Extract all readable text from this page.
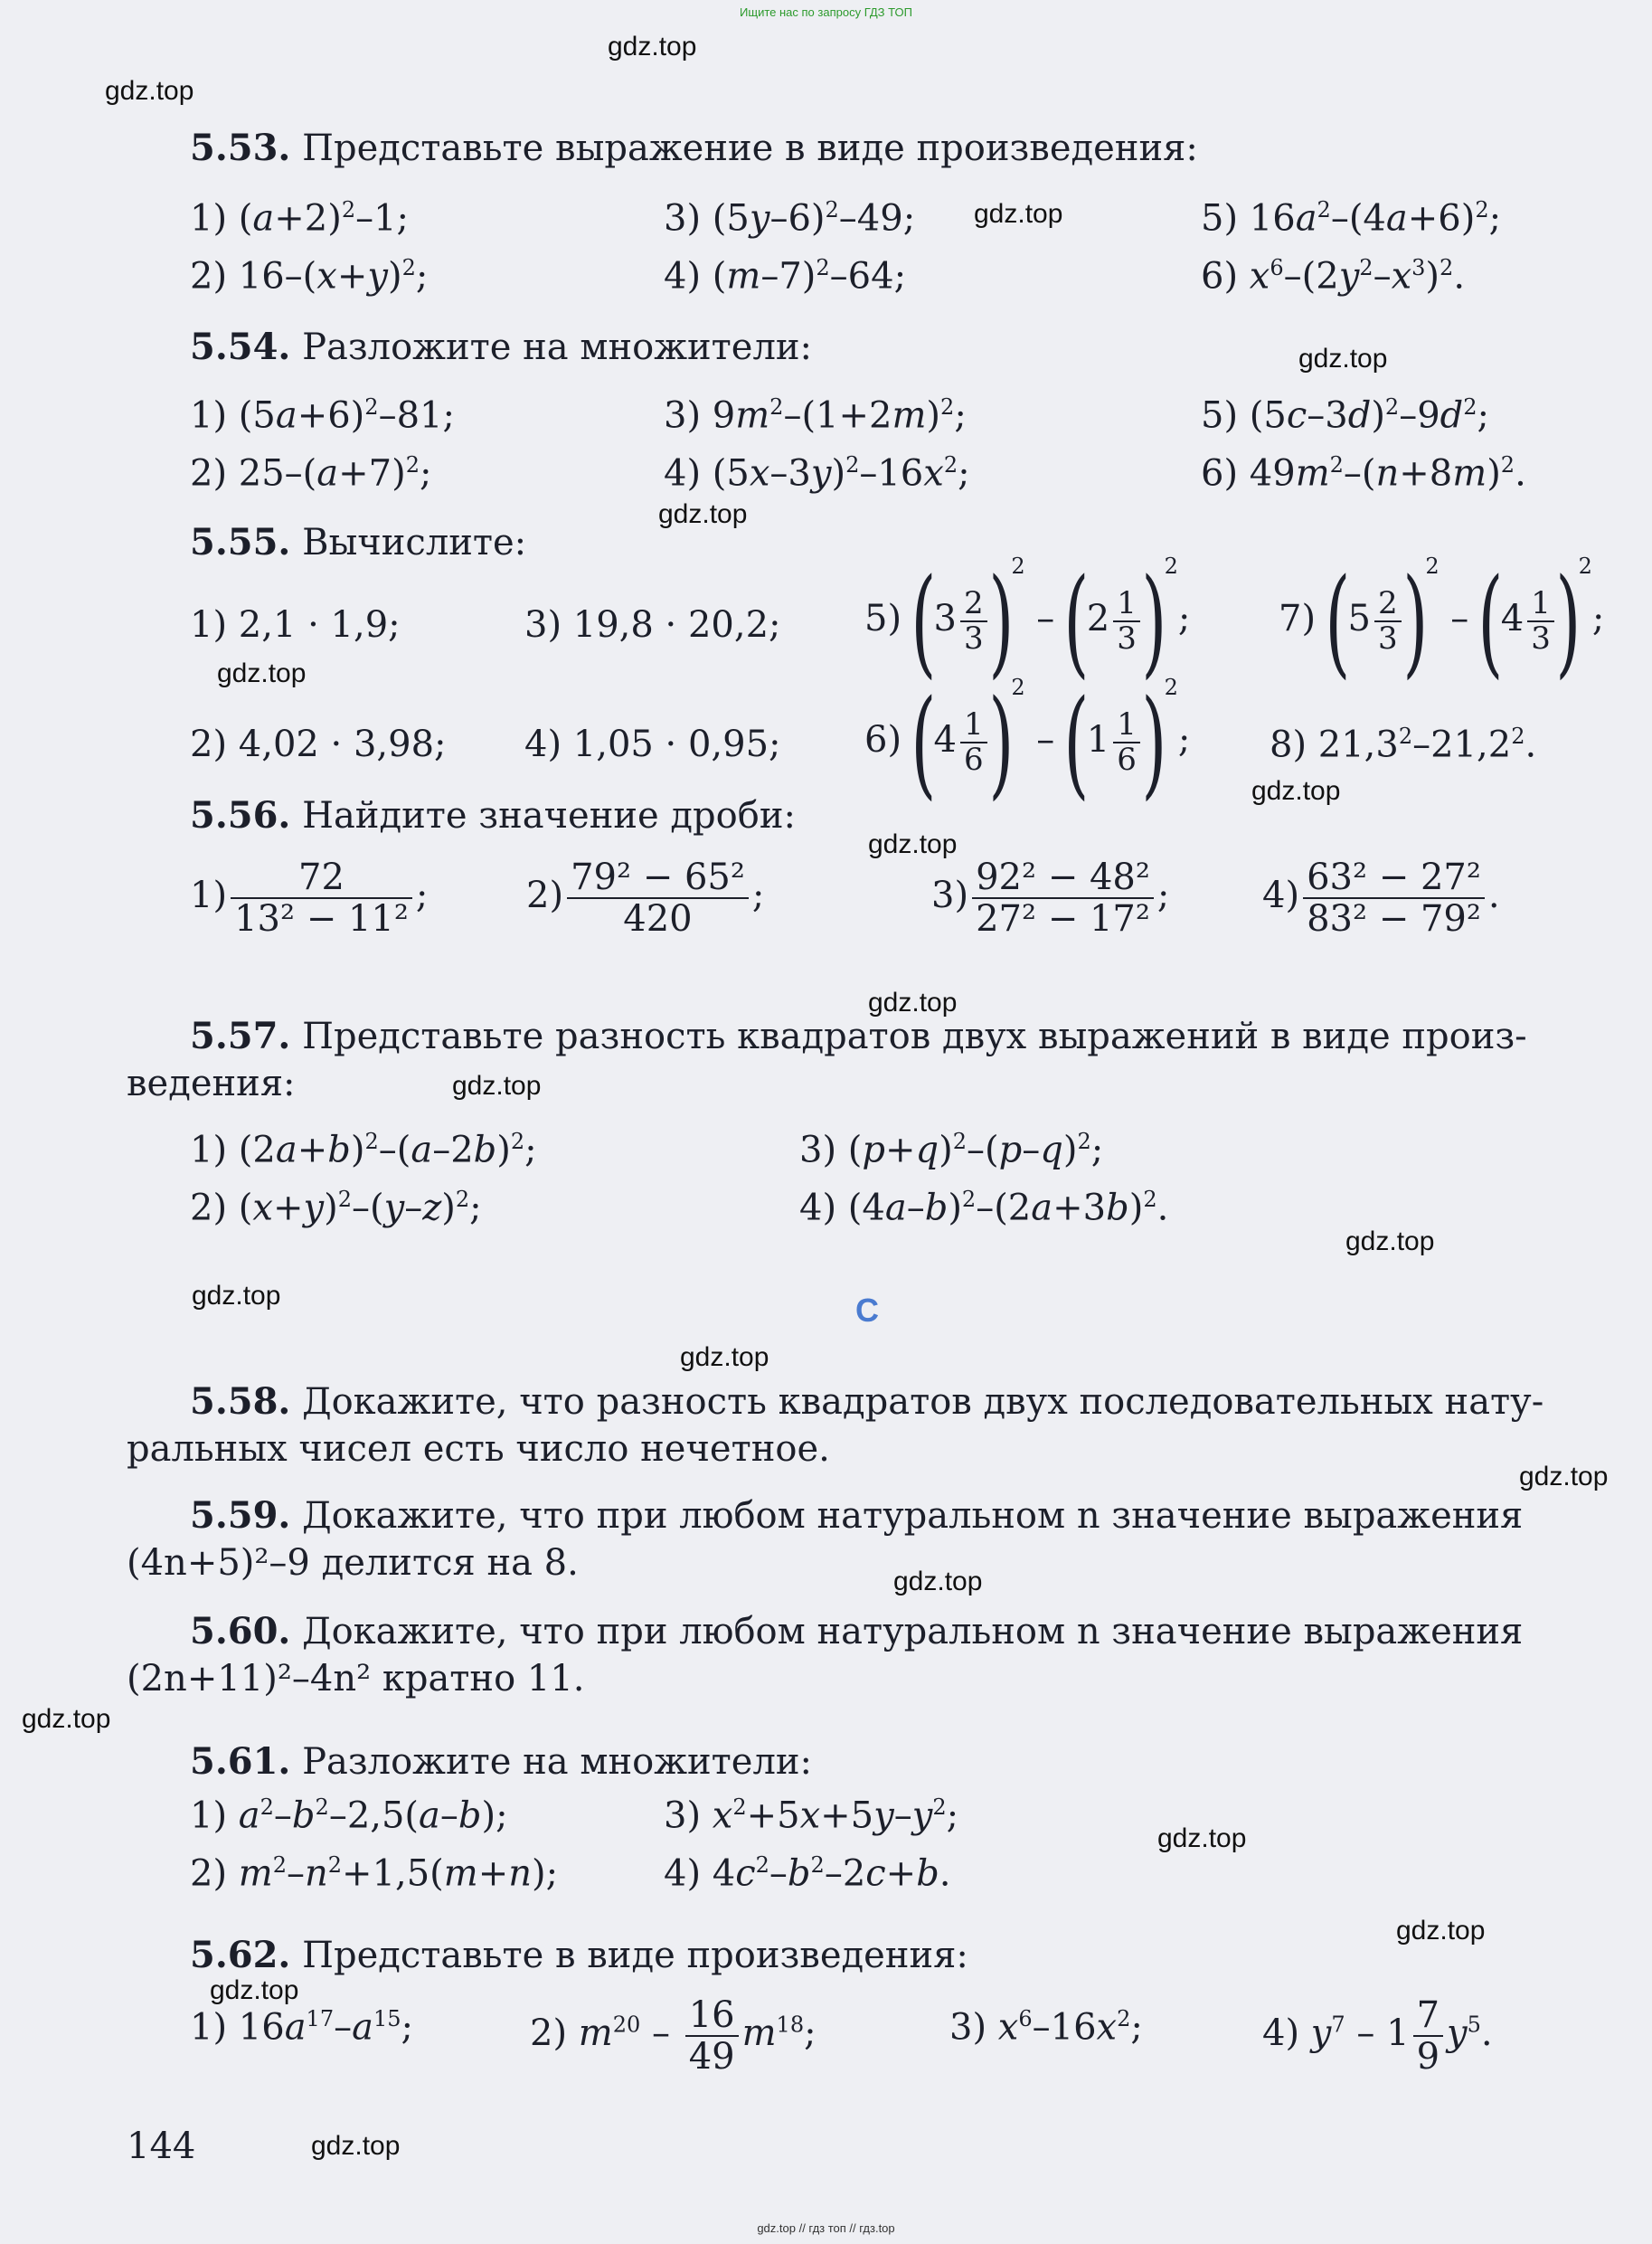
Ищите нас по запросу ГДЗ ТОП
gdz.top
gdz.top
gdz.top
gdz.top
gdz.top
gdz.top
gdz.top
gdz.top
gdz.top
gdz.top
gdz.top
gdz.top
gdz.top
gdz.top
gdz.top
gdz.top
gdz.top
gdz.top
gdz.top
gdz.top
5.53. Представьте выражение в виде произведения:
1) $(a+2)^2-1$;	3) $(5y-6)^2-49$;	5) $16a^2-(4a+6)^2$;
2) $16-(x+y)^2$;	4) $(m-7)^2-64$;	6) $x^6-(2y^2-x^3)^2$.
5.54. Разложите на множители:
1) $(5a+6)^2-81$;	3) $9m^2-(1+2m)^2$;	5) $(5c-3d)^2-9d^2$;
2) $25-(a+7)^2$;	4) $(5x-3y)^2-16x^2$;	6) $49m^2-(n+8m)^2$.
5.55. Вычислите:
1) 2,1 · 1,9;	3) 19,8 · 20,2; 5) $(3 \frac{2}{3} )^2 - (2 \frac{1}{3} )^2$; 7) $(5 \frac{2}{3} )^2 - (4 \frac{1}{3} )^2$;
2) 4,02 · 3,98; 4) 1,05 · 0,95; 6) $(4 \frac{1}{6} )^2 - (1 \frac{1}{6} )^2$; 8) 21,3$^2$–21,2$^2$.
5.56. Найдите значение дроби:
$1) \frac{72}{\text{13² − 11²}}$ ;	$2) \frac{\text{79² − 65²}}{420}$ ;	$3) \frac{\text{92² − 48²}}{\text{27² − 17²}}$ ;	$4) \frac{\text{63² − 27²}}{\text{83² − 79²}}$ .
5.57. Представьте разность квадратов двух выражений в виде произ-
ведения:
1) $(2a+b)^2-(a-2b)^2$;	3) $(p+q)^2-(p-q)^2$;
2) $(x+y)^2-(y-z)^2$;	4) $(4a-b)^2-(2a+3b)^2$.
C
5.58. Докажите, что разность квадратов двух последовательных нату-
ральных чисел есть число нечетное.
5.59. Докажите, что при любом натуральном n значение выражения
(4n+5)²–9 делится на 8.
5.60. Докажите, что при любом натуральном n значение выражения
(2n+11)²–4n² кратно 11.
5.61. Разложите на множители:
1) $a^2-b^2-2,5(a-b)$;	3) $x^2+5x+5y-y^2$;
2) $m^2-n^2+1,5(m+n)$;	4) $4c^2-b^2-2c+b$.
5.62. Представьте в виде произведения:
1) $16a^{17}-a^{15}$;	2) $m^{20} - \frac{16}{49} m^{18}$;	3) $x^6-16x^2$;	4) $y^7 - 1 \frac{7}{9} y^5$.
144
gdz.top // гдз топ // гдз.top
